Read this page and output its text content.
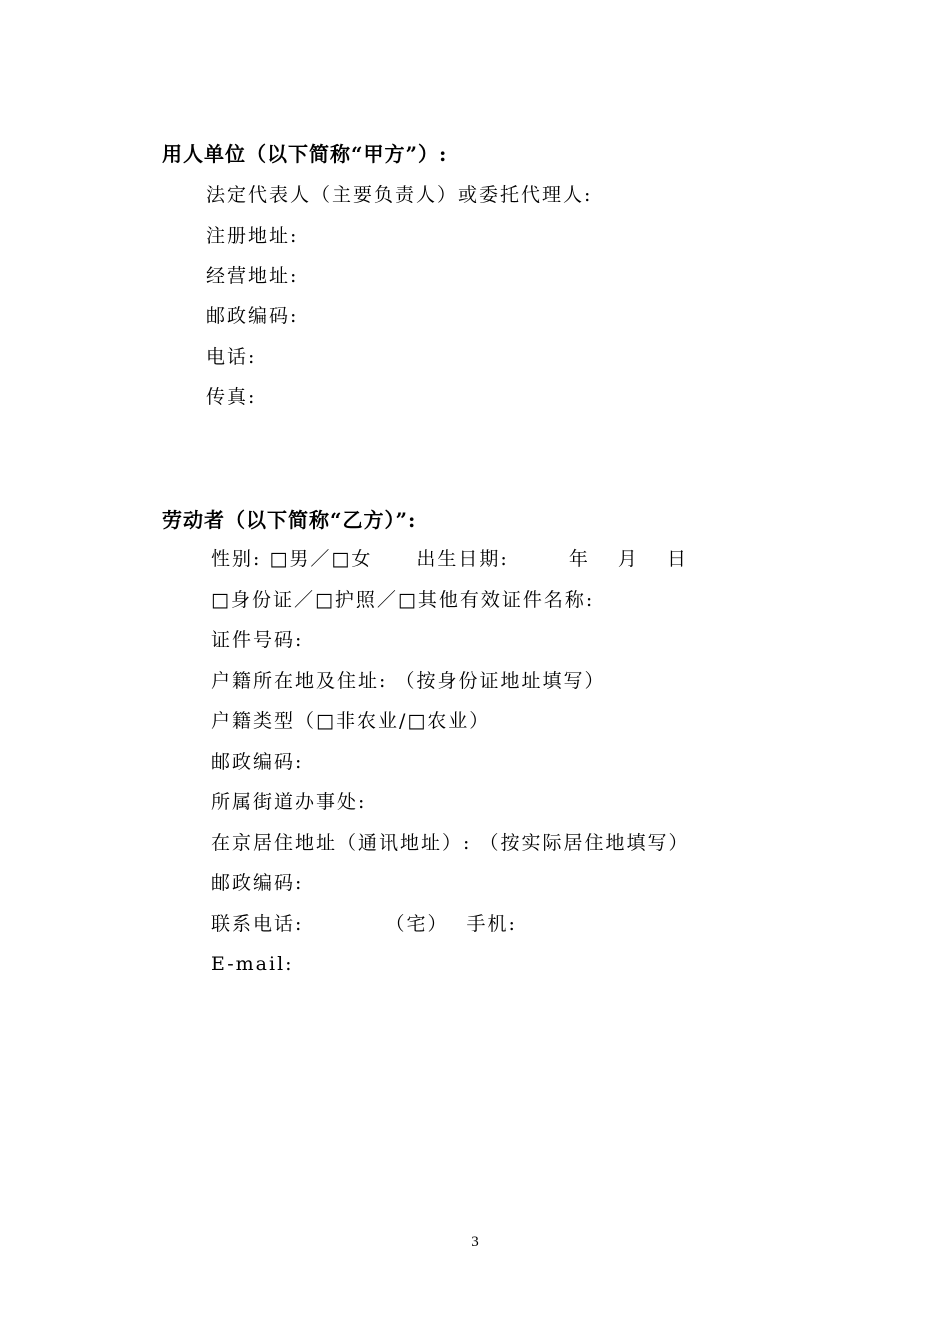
用人单位（以下简称“甲方”）:
法定代表人（主要负责人）或委托代理人:
注册地址:
经营地址:
邮政编码:
电话:
传真:
劳动者（以下简称“乙方）”:
性别: □男／□女 出生日期:	年 月 日
□身份证／□护照／□其他有效证件名称:
证件号码:
户籍所在地及住址: （按身份证地址填写）
户籍类型（□非农业/□农业）
邮政编码:
所属街道办事处:
在京居住地址（通讯地址）: （按实际居住地填写）
邮政编码:
联系电话:	（宅） 手机:
E-mail:
3
